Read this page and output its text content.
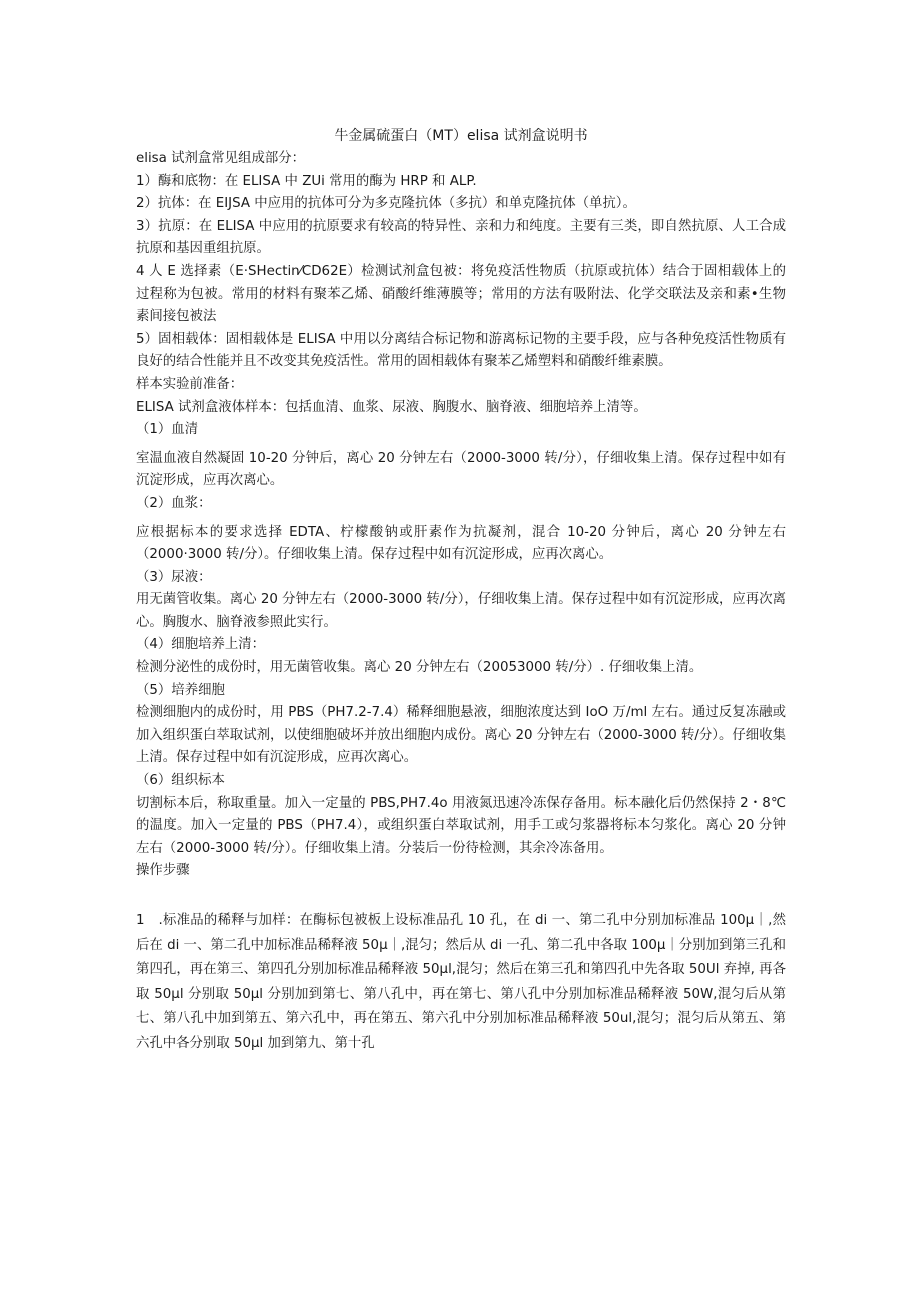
牛金属硫蛋白（MT）elisa 试剂盒说明书

elisa 试剂盒常见组成部分：

1）酶和底物：在 ELISA 中 ZUi 常用的酶为 HRP 和 ALP.

2）抗体：在 EIJSA 中应用的抗体可分为多克隆抗体（多抗）和单克隆抗体（单抗）。

3）抗原：在 ELISA 中应用的抗原要求有较高的特异性、亲和力和纯度。主要有三类，即自然抗原、人工合成抗原和基因重组抗原。

4 人 E 选择素（E·SHectin⁄CD62E）检测试剂盒包被：将免疫活性物质（抗原或抗体）结合于固相载体上的过程称为包被。常用的材料有聚苯乙烯、硝酸纤维薄膜等；常用的方法有吸附法、化学交联法及亲和素•生物素间接包被法

5）固相载体：固相载体是 ELISA 中用以分离结合标记物和游离标记物的主要手段，应与各种免疫活性物质有良好的结合性能并且不改变其免疫活性。常用的固相载体有聚苯乙烯塑料和硝酸纤维素膜。

样本实验前准备：

ELISA 试剂盒液体样本：包括血清、血浆、尿液、胸腹水、脑脊液、细胞培养上清等。

（1）血清

室温血液自然凝固 10-20 分钟后，离心 20 分钟左右（2000-3000 转/分），仔细收集上清。保存过程中如有沉淀形成，应再次离心。

（2）血浆：

应根据标本的要求选择 EDTA、柠檬酸钠或肝素作为抗凝剂，混合 10-20 分钟后，离心 20 分钟左右（2000·3000 转/分）。仔细收集上清。保存过程中如有沉淀形成，应再次离心。

（3）尿液：

用无菌管收集。离心 20 分钟左右（2000-3000 转/分），仔细收集上清。保存过程中如有沉淀形成，应再次离心。胸腹水、脑脊液参照此实行。

（4）细胞培养上清：

检测分泌性的成份时，用无菌管收集。离心 20 分钟左右（20053000 转/分）. 仔细收集上清。

（5）培养细胞

检测细胞内的成份时，用 PBS（PH7.2-7.4）稀释细胞悬液，细胞浓度达到 IoO 万/ml 左右。通过反复冻融或加入组织蛋白萃取试剂，以使细胞破坏并放出细胞内成份。离心 20 分钟左右（2000-3000 转/分）。仔细收集上清。保存过程中如有沉淀形成，应再次离心。

（6）组织标本

切割标本后，称取重量。加入一定量的 PBS,PH7.4o 用液氮迅速冷冻保存备用。标本融化后仍然保持 2・8℃的温度。加入一定量的 PBS（PH7.4），或组织蛋白萃取试剂，用手工或匀浆器将标本匀浆化。离心 20 分钟左右（2000-3000 转/分）。仔细收集上清。分装后一份待检测，其余冷冻备用。

操作步骤

1　.标准品的稀释与加样：在酶标包被板上设标准品孔 10 孔，在 di 一、第二孔中分别加标准品 100μ｜,然后在 di 一、第二孔中加标准品稀释液 50μ｜,混匀；然后从 di 一孔、第二孔中各取 100μ｜分别加到第三孔和第四孔，再在第三、第四孔分别加标准品稀释液 50μl,混匀；然后在第三孔和第四孔中先各取 50Ul 弃掉, 再各取 50μl 分别取 50μl 分别加到第七、第八孔中，再在第七、第八孔中分别加标准品稀释液 50W,混匀后从第七、第八孔中加到第五、第六孔中，再在第五、第六孔中分别加标准品稀释液 50ul,混匀；混匀后从第五、第六孔中各分别取 50μl 加到第九、第十孔
